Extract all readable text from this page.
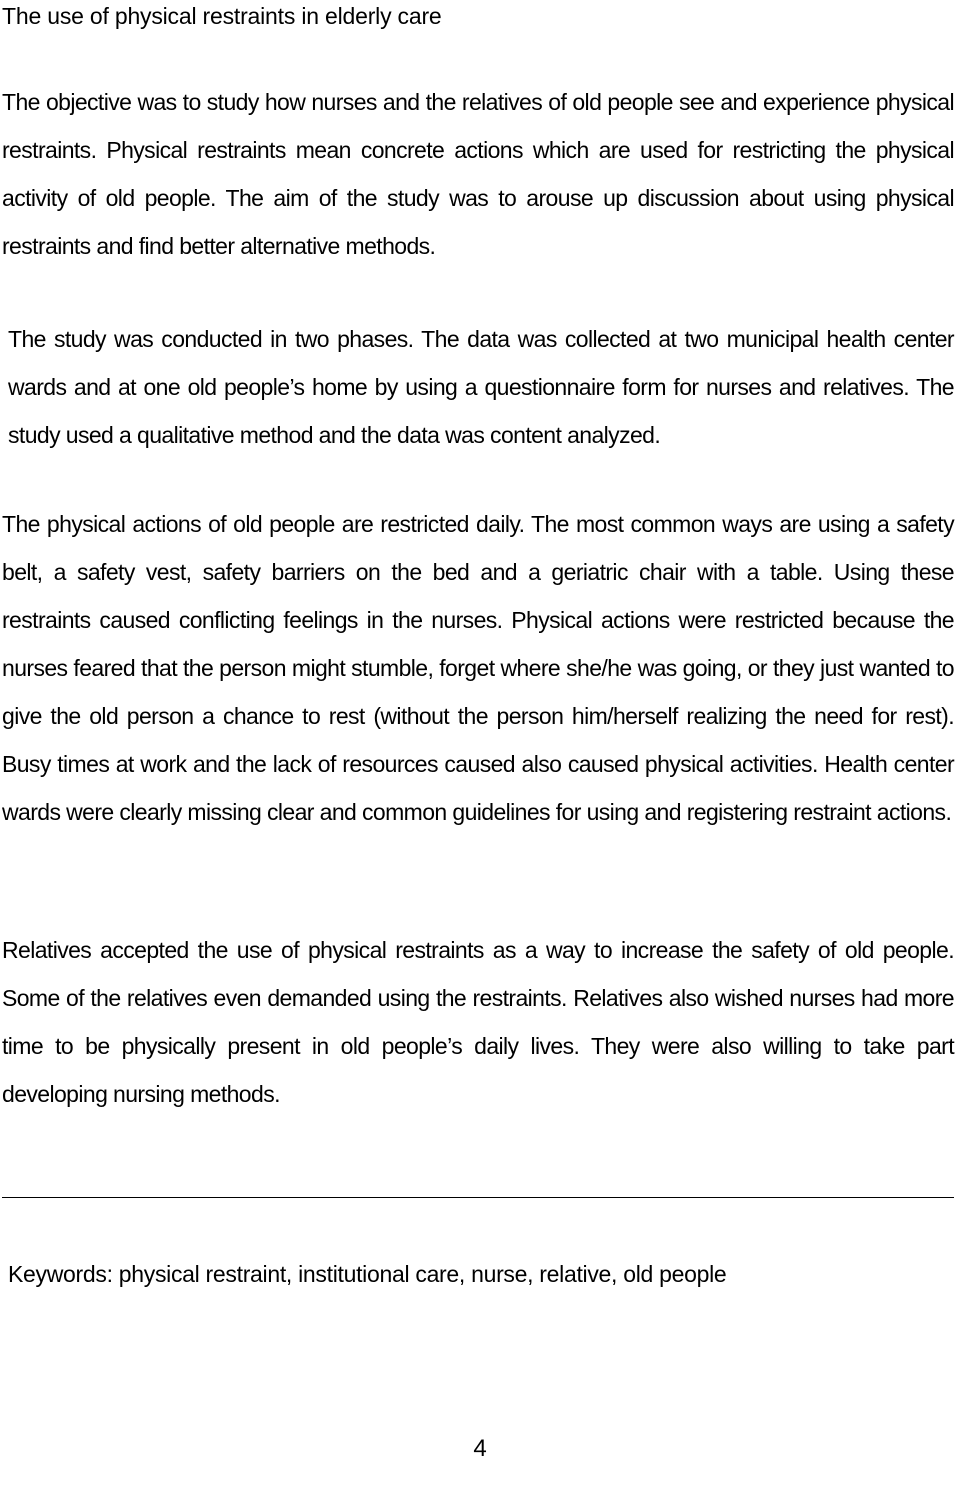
The use of physical restraints in elderly care

The objective was to study how nurses and the relatives of old people see and experience physical restraints. Physical restraints mean concrete actions which are used for restricting the physical activity of old people. The aim of the study was to arouse up discussion about using physical restraints and find better alternative methods.

The study was conducted in two phases. The data was collected at two municipal health center wards and at one old people’s home by using a questionnaire form for nurses and relatives. The study used a qualitative method and the data was content analyzed.

The physical actions of old people are restricted daily. The most common ways are using a safety belt, a safety vest, safety barriers on the bed and a geriatric chair with a table. Using these restraints caused conflicting feelings in the nurses. Physical actions were restricted because the nurses feared that the person might stumble, forget where she/he was going, or they just wanted to give the old person a chance to rest (without the person him/herself realizing the need for rest). Busy times at work and the lack of resources caused also caused physical activities. Health center wards were clearly missing clear and common guidelines for using and registering restraint actions.

Relatives accepted the use of physical restraints as a way to increase the safety of old people. Some of the relatives even demanded using the restraints. Relatives also wished nurses had more time to be physically present in old people’s daily lives. They were also willing to take part developing nursing methods.

Keywords: physical restraint, institutional care, nurse, relative, old people
4
